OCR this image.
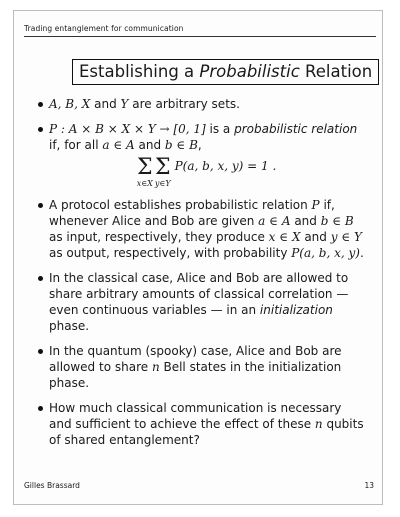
Trading entanglement for communication
Establishing a Probabilistic Relation
A, B, X and Y are arbitrary sets.
P : A × B × X × Y → [0, 1] is a probabilistic relation if, for all a ∈ A and b ∈ B,
Σ
x∈X
Σ
y∈Y
P(a, b, x, y) = 1 .
A protocol establishes probabilistic relation P if, whenever Alice and Bob are given a ∈ A and b ∈ B as input, respectively, they produce x ∈ X and y ∈ Y as output, respectively, with probability P(a, b, x, y).
In the classical case, Alice and Bob are allowed to share arbitrary amounts of classical correlation — even continuous variables — in an initialization phase.
In the quantum (spooky) case, Alice and Bob are allowed to share n Bell states in the initialization phase.
How much classical communication is necessary and sufficient to achieve the effect of these n qubits of shared entanglement?
Gilles Brassard	13
